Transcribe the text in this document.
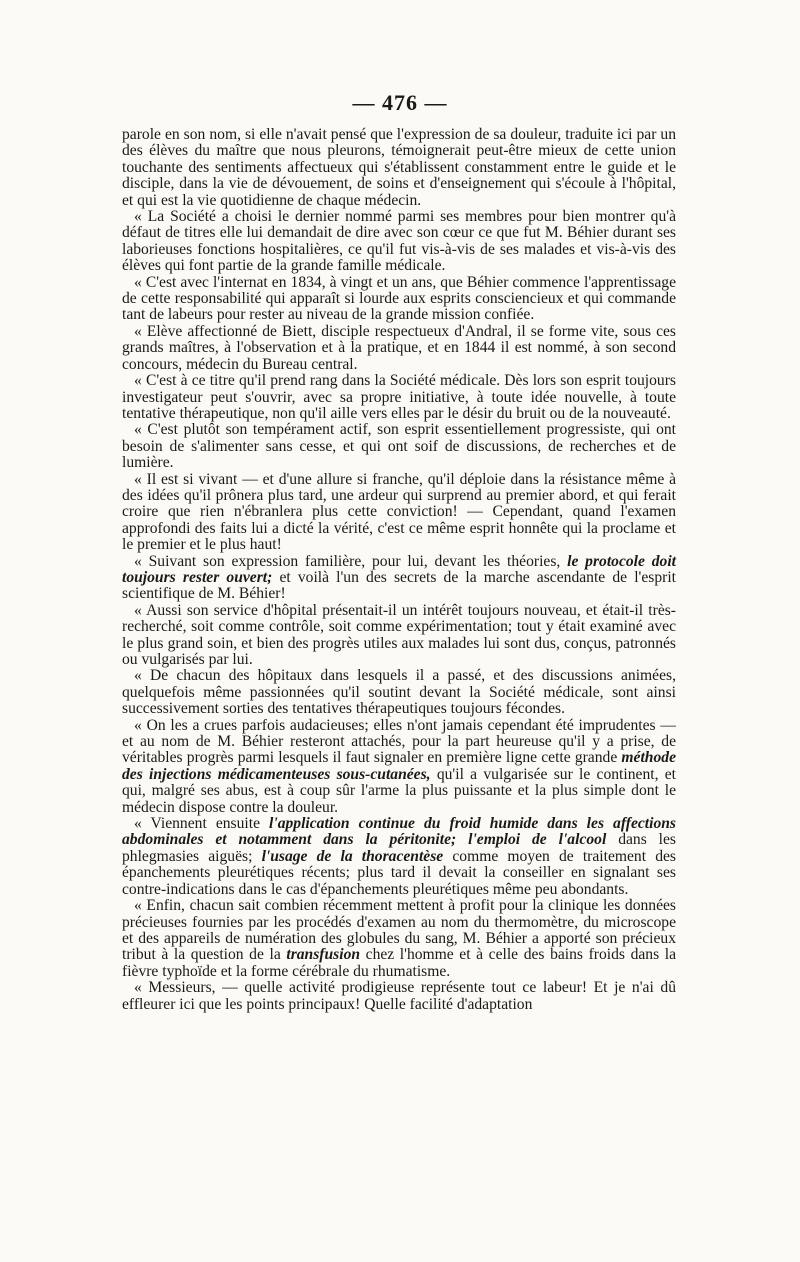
— 476 —

parole en son nom, si elle n'avait pensé que l'expression de sa douleur, traduite ici par un des élèves du maître que nous pleurons, témoignerait peut-être mieux de cette union touchante des sentiments affectueux qui s'établissent constamment entre le guide et le disciple, dans la vie de dévouement, de soins et d'enseignement qui s'écoule à l'hôpital, et qui est la vie quotidienne de chaque médecin.

« La Société a choisi le dernier nommé parmi ses membres pour bien montrer qu'à défaut de titres elle lui demandait de dire avec son cœur ce que fut M. Béhier durant ses laborieuses fonctions hospitalières, ce qu'il fut vis-à-vis de ses malades et vis-à-vis des élèves qui font partie de la grande famille médicale.

« C'est avec l'internat en 1834, à vingt et un ans, que Béhier commence l'apprentissage de cette responsabilité qui apparaît si lourde aux esprits consciencieux et qui commande tant de labeurs pour rester au niveau de la grande mission confiée.

« Elève affectionné de Biett, disciple respectueux d'Andral, il se forme vite, sous ces grands maîtres, à l'observation et à la pratique, et en 1844 il est nommé, à son second concours, médecin du Bureau central.

« C'est à ce titre qu'il prend rang dans la Société médicale. Dès lors son esprit toujours investigateur peut s'ouvrir, avec sa propre initiative, à toute idée nouvelle, à toute tentative thérapeutique, non qu'il aille vers elles par le désir du bruit ou de la nouveauté.

« C'est plutôt son tempérament actif, son esprit essentiellement progressiste, qui ont besoin de s'alimenter sans cesse, et qui ont soif de discussions, de recherches et de lumière.

« Il est si vivant — et d'une allure si franche, qu'il déploie dans la résistance même à des idées qu'il prônera plus tard, une ardeur qui surprend au premier abord, et qui ferait croire que rien n'ébranlera plus cette conviction! — Cependant, quand l'examen approfondi des faits lui a dicté la vérité, c'est ce même esprit honnête qui la proclame et le premier et le plus haut!

« Suivant son expression familière, pour lui, devant les théories, le protocole doit toujours rester ouvert; et voilà l'un des secrets de la marche ascendante de l'esprit scientifique de M. Béhier!

« Aussi son service d'hôpital présentait-il un intérêt toujours nouveau, et était-il très-recherché, soit comme contrôle, soit comme expérimentation; tout y était examiné avec le plus grand soin, et bien des progrès utiles aux malades lui sont dus, conçus, patronnés ou vulgarisés par lui.

« De chacun des hôpitaux dans lesquels il a passé, et des discussions animées, quelquefois même passionnées qu'il soutint devant la Société médicale, sont ainsi successivement sorties des tentatives thérapeutiques toujours fécondes.

« On les a crues parfois audacieuses; elles n'ont jamais cependant été imprudentes — et au nom de M. Béhier resteront attachés, pour la part heureuse qu'il y a prise, de véritables progrès parmi lesquels il faut signaler en première ligne cette grande méthode des injections médicamenteuses sous-cutanées, qu'il a vulgarisée sur le continent, et qui, malgré ses abus, est à coup sûr l'arme la plus puissante et la plus simple dont le médecin dispose contre la douleur.

« Viennent ensuite l'application continue du froid humide dans les affections abdominales et notamment dans la péritonite; l'emploi de l'alcool dans les phlegmasies aiguës; l'usage de la thoracentèse comme moyen de traitement des épanchements pleurétiques récents; plus tard il devait la conseiller en signalant ses contre-indications dans le cas d'épanchements pleurétiques même peu abondants.

« Enfin, chacun sait combien récemment mettent à profit pour la clinique les données précieuses fournies par les procédés d'examen au nom du thermomètre, du microscope et des appareils de numération des globules du sang, M. Béhier a apporté son précieux tribut à la question de la transfusion chez l'homme et à celle des bains froids dans la fièvre typhoïde et la forme cérébrale du rhumatisme.

« Messieurs, — quelle activité prodigieuse représente tout ce labeur! Et je n'ai dû effleurer ici que les points principaux! Quelle facilité d'adaptation
